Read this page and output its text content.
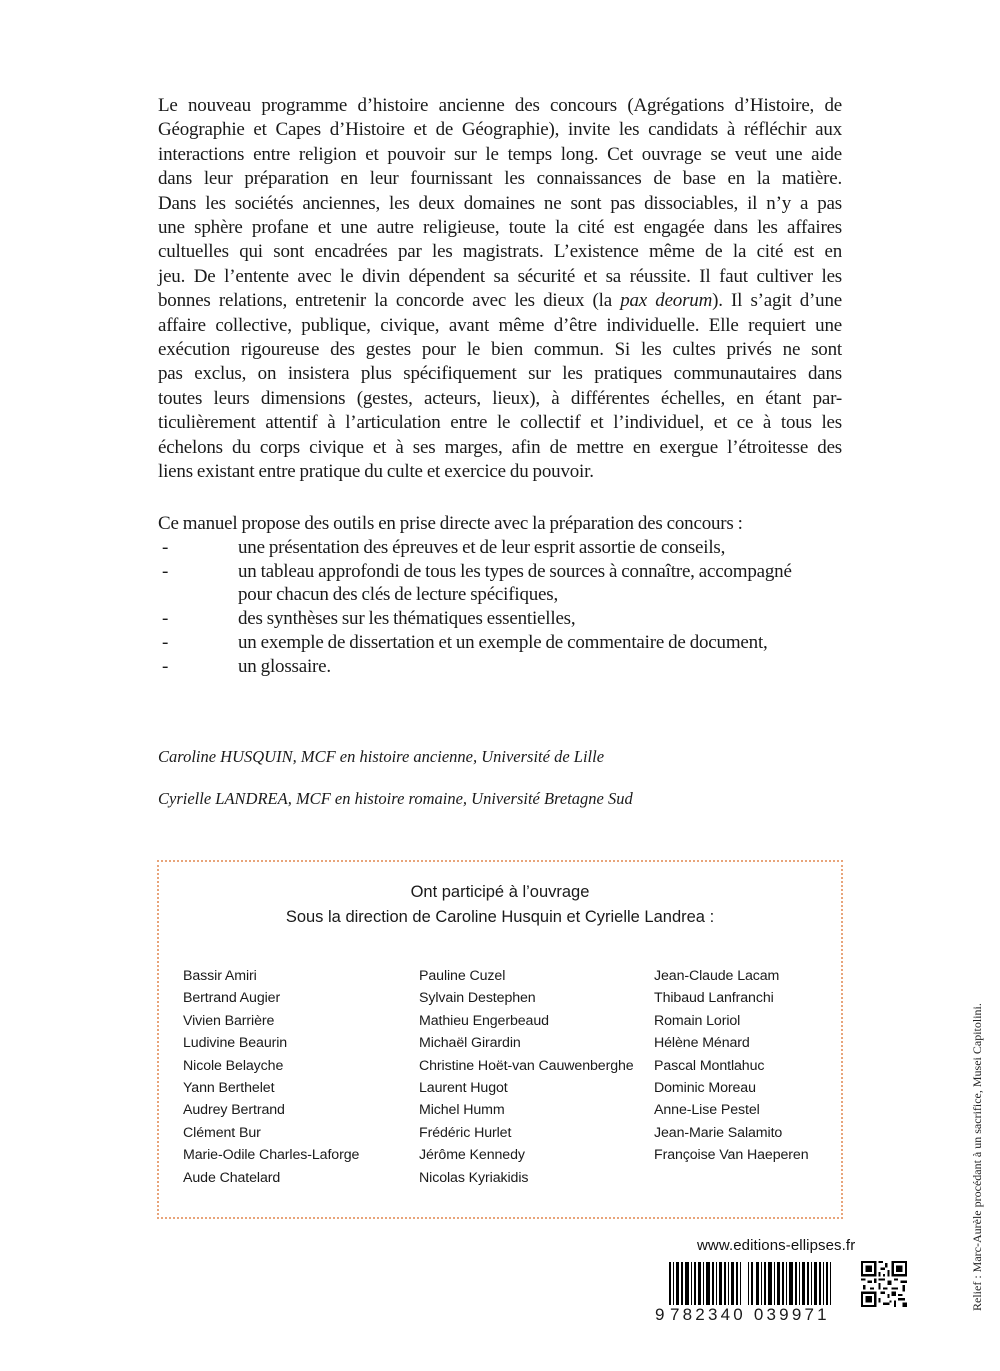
Le nouveau programme d’histoire ancienne des concours (Agrégations d’Histoire, de
Géographie et Capes d’Histoire et de Géographie), invite les candidats à réfléchir aux
interactions entre religion et pouvoir sur le temps long. Cet ouvrage se veut une aide
dans leur préparation en leur fournissant les connaissances de base en la matière.
Dans les sociétés anciennes, les deux domaines ne sont pas dissociables, il n’y a pas
une sphère profane et une autre religieuse, toute la cité est engagée dans les affaires
cultuelles qui sont encadrées par les magistrats. L’existence même de la cité est en
jeu. De l’entente avec le divin dépendent sa sécurité et sa réussite. Il faut cultiver les
bonnes relations, entretenir la concorde avec les dieux (la pax deorum). Il s’agit d’une
affaire collective, publique, civique, avant même d’être individuelle. Elle requiert une
exécution rigoureuse des gestes pour le bien commun. Si les cultes privés ne sont
pas exclus, on insistera plus spécifiquement sur les pratiques communautaires dans
toutes leurs dimensions (gestes, acteurs, lieux), à différentes échelles, en étant par-
ticulièrement attentif à l’articulation entre le collectif et l’individuel, et ce à tous les
échelons du corps civique et à ses marges, afin de mettre en exergue l’étroitesse des
liens existant entre pratique du culte et exercice du pouvoir.
Ce manuel propose des outils en prise directe avec la préparation des concours :
-	une présentation des épreuves et de leur esprit assortie de conseils,
-	un tableau approfondi de tous les types de sources à connaître, accompagné
pour chacun des clés de lecture spécifiques,
-	des synthèses sur les thématiques essentielles,
-	un exemple de dissertation et un exemple de commentaire de document,
-	un glossaire.
Caroline HUSQUIN, MCF en histoire ancienne, Université de Lille
Cyrielle LANDREA, MCF en histoire romaine, Université Bretagne Sud
Ont participé à l’ouvrage
Sous la direction de Caroline Husquin et Cyrielle Landrea :
Bassir Amiri
Bertrand Augier
Vivien Barrière
Ludivine Beaurin
Nicole Belayche
Yann Berthelet
Audrey Bertrand
Clément Bur
Marie-Odile Charles-Laforge
Aude Chatelard
Pauline Cuzel
Sylvain Destephen
Mathieu Engerbeaud
Michaël Girardin
Christine Hoët-van Cauwenberghe
Laurent Hugot
Michel Humm
Frédéric Hurlet
Jérôme Kennedy
Nicolas Kyriakidis
Jean-Claude Lacam
Thibaud Lanfranchi
Romain Loriol
Hélène Ménard
Pascal Montlahuc
Dominic Moreau
Anne-Lise Pestel
Jean-Marie Salamito
Françoise Van Haeperen
www.editions-ellipses.fr
9 782340 039971
Relief : Marc-Aurèle procédant à un sacrifice, Musei Capitolini.
